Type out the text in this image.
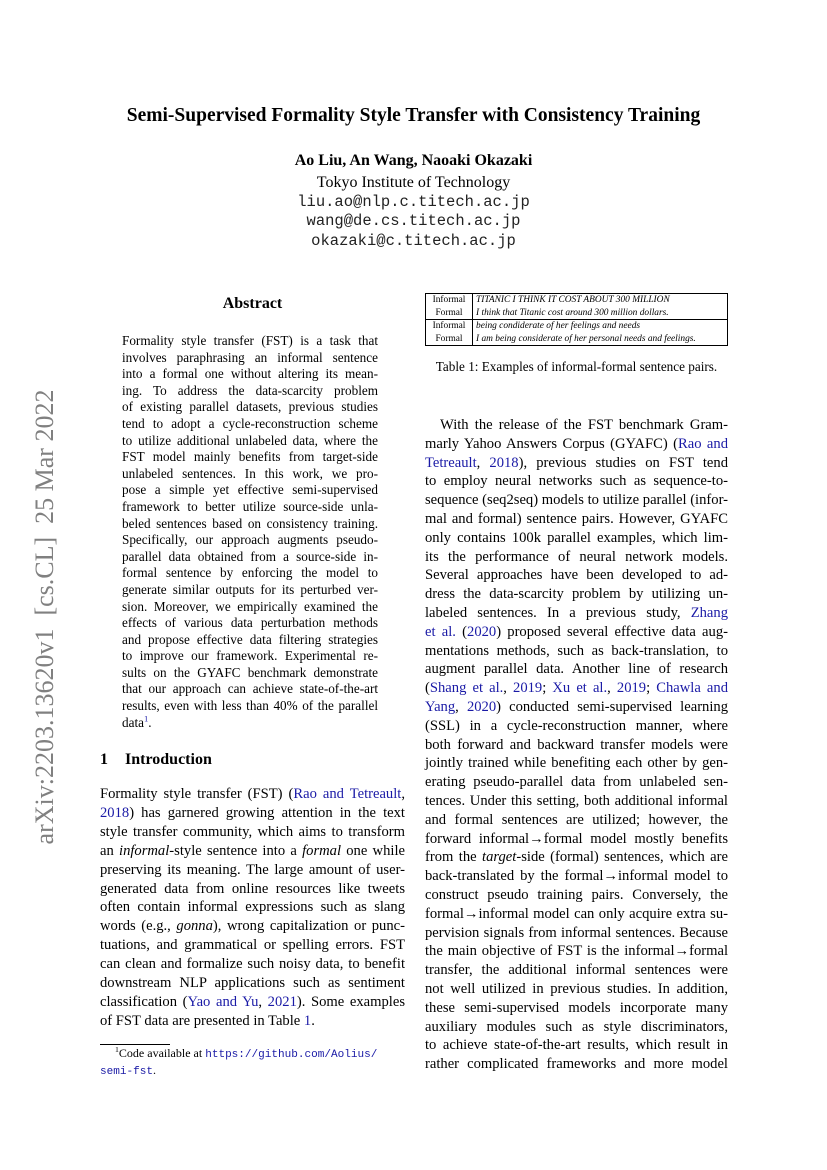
arXiv:2203.13620v1  [cs.CL]  25 Mar 2022
Semi-Supervised Formality Style Transfer with Consistency Training
Ao Liu, An Wang, Naoaki Okazaki
Tokyo Institute of Technology
liu.ao@nlp.c.titech.ac.jp
wang@de.cs.titech.ac.jp
okazaki@c.titech.ac.jp
Abstract
Formality style transfer (FST) is a task that
involves paraphrasing an informal sentence
into a formal one without altering its mean-
ing. To address the data-scarcity problem
of existing parallel datasets, previous studies
tend to adopt a cycle-reconstruction scheme
to utilize additional unlabeled data, where the
FST model mainly benefits from target-side
unlabeled sentences. In this work, we pro-
pose a simple yet effective semi-supervised
framework to better utilize source-side unla-
beled sentences based on consistency training.
Specifically, our approach augments pseudo-
parallel data obtained from a source-side in-
formal sentence by enforcing the model to
generate similar outputs for its perturbed ver-
sion. Moreover, we empirically examined the
effects of various data perturbation methods
and propose effective data filtering strategies
to improve our framework. Experimental re-
sults on the GYAFC benchmark demonstrate
that our approach can achieve state-of-the-art
results, even with less than 40% of the parallel
data$^1$.
1 Introduction
Formality style transfer (FST) (Rao and Tetreault,
2018) has garnered growing attention in the text
style transfer community, which aims to transform
an informal-style sentence into a formal one while
preserving its meaning. The large amount of user-
generated data from online resources like tweets
often contain informal expressions such as slang
words (e.g., gonna), wrong capitalization or punc-
tuations, and grammatical or spelling errors. FST
can clean and formalize such noisy data, to benefit
downstream NLP applications such as sentiment
classification (Yao and Yu, 2021). Some examples
of FST data are presented in Table 1.
Informal	TITANIC I THINK IT COST ABOUT 300 MILLION
Formal	I think that Titanic cost around 300 million dollars.
Informal	being condiderate of her feelings and needs
Formal	I am being considerate of her personal needs and feelings.
Table 1: Examples of informal-formal sentence pairs.
With the release of the FST benchmark Gram-
marly Yahoo Answers Corpus (GYAFC) (Rao and
Tetreault, 2018), previous studies on FST tend
to employ neural networks such as sequence-to-
sequence (seq2seq) models to utilize parallel (infor-
mal and formal) sentence pairs. However, GYAFC
only contains 100k parallel examples, which lim-
its the performance of neural network models.
Several approaches have been developed to ad-
dress the data-scarcity problem by utilizing un-
labeled sentences. In a previous study, Zhang
et al. (2020) proposed several effective data aug-
mentations methods, such as back-translation, to
augment parallel data. Another line of research
(Shang et al., 2019; Xu et al., 2019; Chawla and
Yang, 2020) conducted semi-supervised learning
(SSL) in a cycle-reconstruction manner, where
both forward and backward transfer models were
jointly trained while benefiting each other by gen-
erating pseudo-parallel data from unlabeled sen-
tences. Under this setting, both additional informal
and formal sentences are utilized; however, the
forward informal→formal model mostly benefits
from the target-side (formal) sentences, which are
back-translated by the formal→informal model to
construct pseudo training pairs. Conversely, the
formal→informal model can only acquire extra su-
pervision signals from informal sentences. Because
the main objective of FST is the informal→formal
transfer, the additional informal sentences were
not well utilized in previous studies. In addition,
these semi-supervised models incorporate many
auxiliary modules such as style discriminators,
to achieve state-of-the-art results, which result in
rather complicated frameworks and more model
$^1$Code available at https://github.com/Aolius/
semi-fst.
